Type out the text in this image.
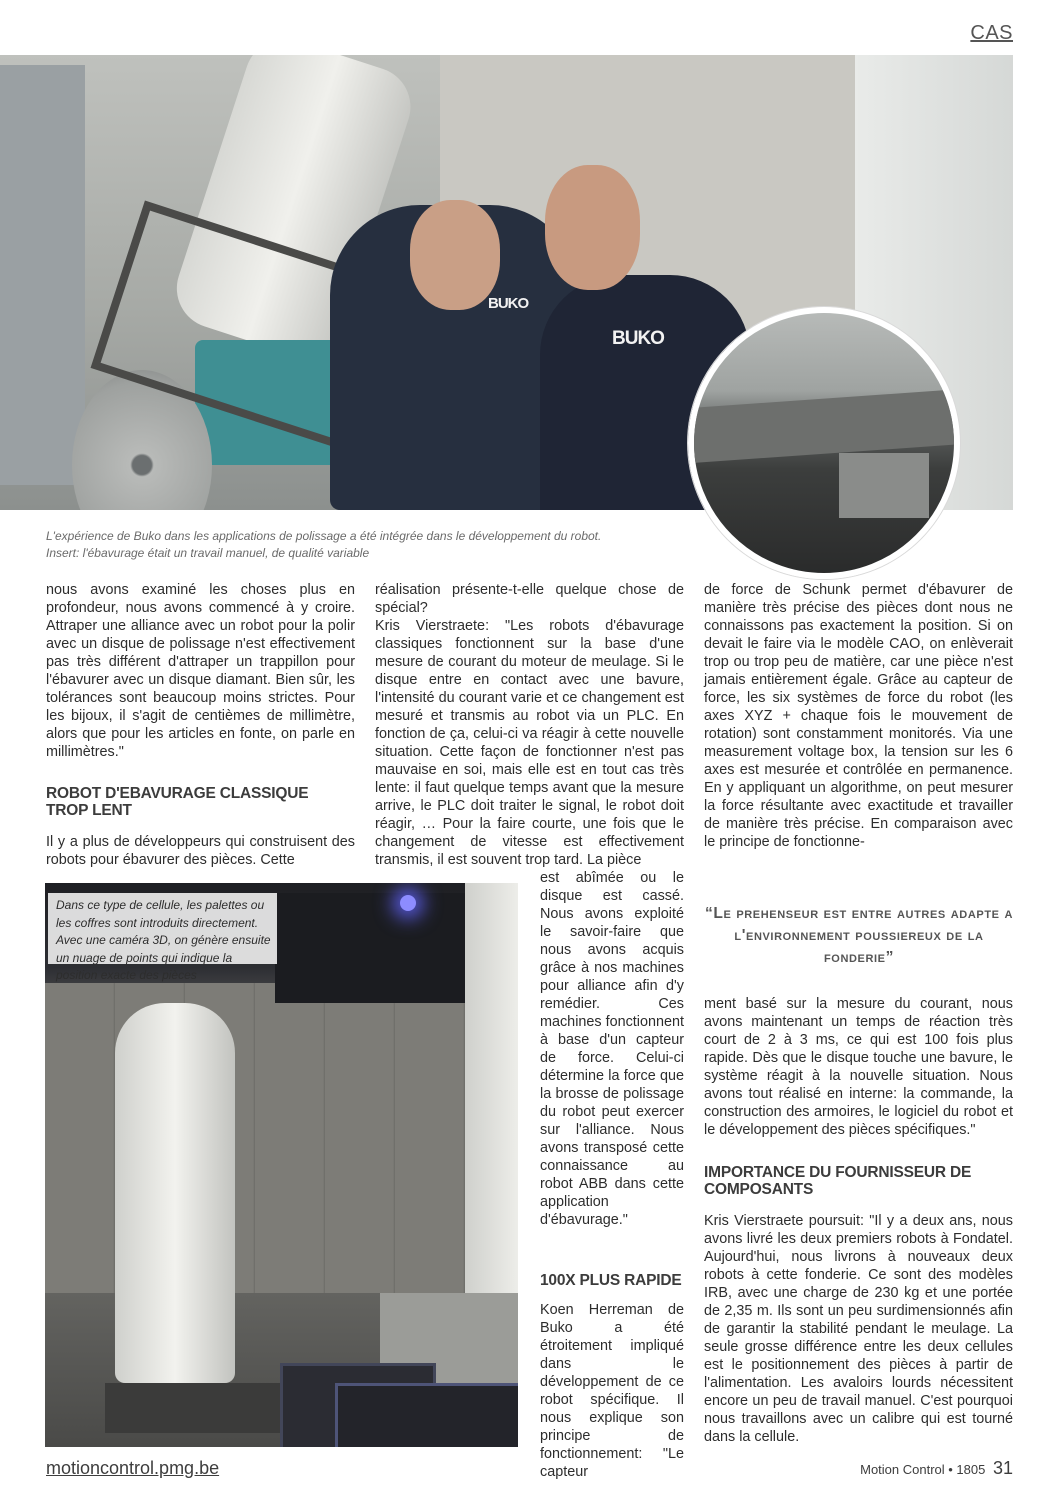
CAS
BUKO
BUKO
L'expérience de Buko dans les applications de polissage a été intégrée dans le développement du robot.
Insert: l'ébavurage était un travail manuel, de qualité variable

nous avons examiné les choses plus en profondeur, nous avons commencé à y croire. Attraper une alliance avec un robot pour la polir avec un disque de polissage n'est effectivement pas très différent d'attraper un trappillon pour l'ébavurer avec un disque diamant. Bien sûr, les tolérances sont beaucoup moins strictes. Pour les bijoux, il s'agit de centièmes de millimètre, alors que pour les articles en fonte, on parle en millimètres."

ROBOT D'EBAVURAGE CLASSIQUE TROP LENT

Il y a plus de développeurs qui construisent des robots pour ébavurer des pièces. Cette

réalisation présente-t-elle quelque chose de spécial?

Kris Vierstraete: "Les robots d'ébavurage classiques fonctionnent sur la base d'une mesure de courant du moteur de meulage. Si le disque entre en contact avec une bavure, l'intensité du courant varie et ce changement est mesuré et transmis au robot via un PLC. En fonction de ça, celui-ci va réagir à cette nouvelle situation. Cette façon de fonctionner n'est pas mauvaise en soi, mais elle est en tout cas très lente: il faut quelque temps avant que la mesure arrive, le PLC doit traiter le signal, le robot doit réagir, … Pour la faire courte, une fois que le changement de vitesse est effectivement transmis, il est souvent trop tard. La pièce

est abîmée ou le disque est cassé. Nous avons exploité le savoir-faire que nous avons acquis grâce à nos machines pour alliance afin d'y remédier. Ces machines fonctionnent à base d'un capteur de force. Celui-ci détermine la force que la brosse de polissage du robot peut exercer sur l'alliance. Nous avons transposé cette connaissance au robot ABB dans cette application d'ébavurage."

100X PLUS RAPIDE

Koen Herreman de Buko a été étroitement impliqué dans le développement de ce robot spécifique. Il nous explique son principe de fonctionnement: "Le capteur

de force de Schunk permet d'ébavurer de manière très précise des pièces dont nous ne connaissons pas exactement la position. Si on devait le faire via le modèle CAO, on enlèverait trop ou trop peu de matière, car une pièce n'est jamais entièrement égale. Grâce au capteur de force, les six systèmes de force du robot (les axes XYZ + chaque fois le mouvement de rotation) sont constamment monitorés. Via une measurement voltage box, la tension sur les 6 axes est mesurée et contrôlée en permanence. En y appliquant un algorithme, on peut mesurer la force résultante avec exactitude et travailler de manière très précise. En comparaison avec le principe de fonctionne-

“Le prehenseur est entre autres adapte a l'environnement poussiereux de la fonderie”

ment basé sur la mesure du courant, nous avons maintenant un temps de réaction très court de 2 à 3 ms, ce qui est 100 fois plus rapide. Dès que le disque touche une bavure, le système réagit à la nouvelle situation. Nous avons tout réalisé en interne: la commande, la construction des armoires, le logiciel du robot et le développement des pièces spécifiques."

IMPORTANCE DU FOURNISSEUR DE COMPOSANTS

Kris Vierstraete poursuit: "Il y a deux ans, nous avons livré les deux premiers robots à Fondatel. Aujourd'hui, nous livrons à nouveaux deux robots à cette fonderie. Ce sont des modèles IRB, avec une charge de 230 kg et une portée de 2,35 m. Ils sont un peu surdimensionnés afin de garantir la stabilité pendant le meulage. La seule grosse différence entre les deux cellules est le positionnement des pièces à partir de l'alimentation. Les avaloirs lourds nécessitent encore un peu de travail manuel. C'est pourquoi nous travaillons avec un calibre qui est tourné dans la cellule.

Dans ce type de cellule, les palettes ou les coffres sont introduits directement. Avec une caméra 3D, on génère ensuite un nuage de points qui indique la position exacte des pièces
motioncontrol.pmg.be	Motion Control • 1805 31
